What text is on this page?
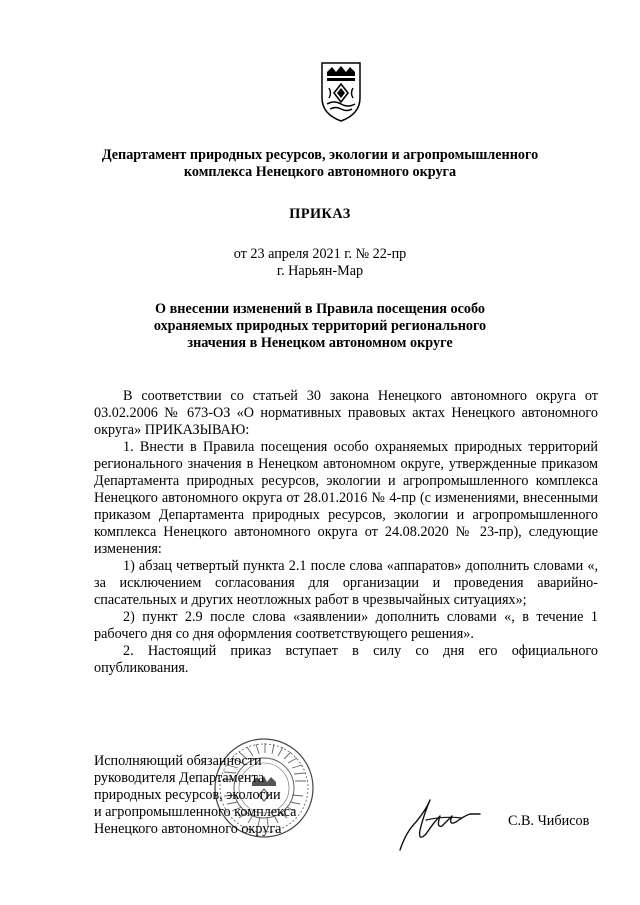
Департамент природных ресурсов, экологии и агропромышленного
комплекса Ненецкого автономного округа
ПРИКАЗ
от 23 апреля 2021 г. № 22-пр
г. Нарьян-Мар
О внесении изменений в Правила посещения особо
охраняемых природных территорий регионального
значения в Ненецком автономном округе

В соответствии со статьей 30 закона Ненецкого автономного округа от 03.02.2006 № 673-ОЗ «О нормативных правовых актах Ненецкого автономного округа» ПРИКАЗЫВАЮ:

1. Внести в Правила посещения особо охраняемых природных территорий регионального значения в Ненецком автономном округе, утвержденные приказом Департамента природных ресурсов, экологии и агропромышленного комплекса Ненецкого автономного округа от 28.01.2016 № 4-пр (с изменениями, внесенными приказом Департамента природных ресурсов, экологии и агропромышленного комплекса Ненецкого автономного округа от 24.08.2020 № 23-пр), следующие изменения:

1) абзац четвертый пункта 2.1 после слова «аппаратов» дополнить словами «, за исключением согласования для организации и проведения аварийно-спасательных и других неотложных работ в чрезвычайных ситуациях»;

2) пункт 2.9 после слова «заявлении» дополнить словами «, в течение 1 рабочего дня со дня оформления соответствующего решения».

2. Настоящий приказ вступает в силу со дня его официального опубликования.

Исполняющий обязанности
руководителя Департамента
природных ресурсов, экологии
и агропромышленного комплекса
Ненецкого автономного округа	С.В. Чибисов
